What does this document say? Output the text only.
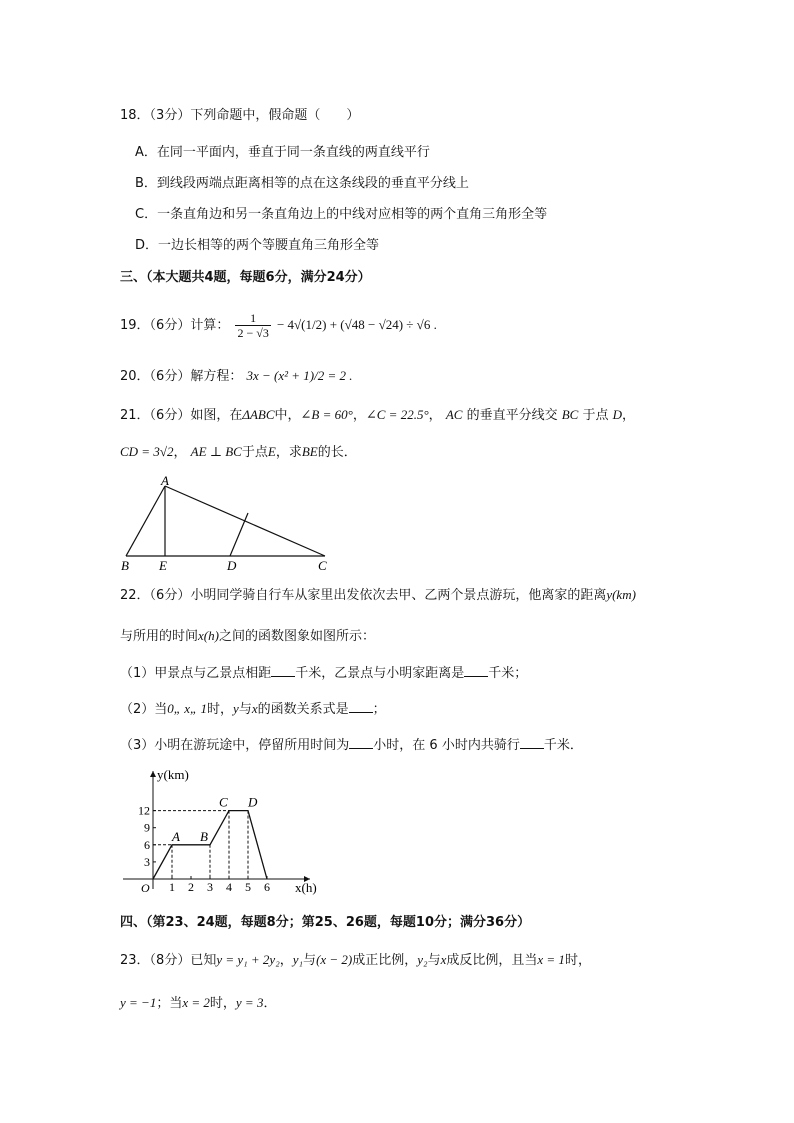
18．（3分）下列命题中，假命题（　　）
A．在同一平面内，垂直于同一条直线的两直线平行
B．到线段两端点距离相等的点在这条线段的垂直平分线上
C．一条直角边和另一条直角边上的中线对应相等的两个直角三角形全等
D．一边长相等的两个等腰直角三角形全等
三、（本大题共4题，每题6分，满分24分）
19．（6分）计算： $\frac{1}{2 - √3} - 4√(1/2) + (√48 - √24) \div √6$ .
20．（6分）解方程： 3x − (x² + 1)/2 = 2 .
21．（6分）如图，在ΔABC中，∠B = 60°，∠C = 22.5°， AC 的垂直平分线交 BC 于点 D，
CD = 3√2， AE ⊥ BC于点E，求BE的长．
A
B E	D	C
22．（6分）小明同学骑自行车从家里出发依次去甲、乙两个景点游玩，他离家的距离y(km)
与所用的时间x(h)之间的函数图象如图所示：
（1）甲景点与乙景点相距 千米，乙景点与小明家距离是 千米；
（2）当0„ x„ 1时，y与x的函数关系式是 ；
（3）小明在游玩途中，停留所用时间为 小时，在 6 小时内共骑行 千米．
y(km)
x(h)
O 1 2 3 4 5 6
3
6
9
12
A B
C D
四、（第23、24题，每题8分；第25、26题，每题10分；满分36分）
23．（8分）已知y = y₁ + 2y₂，y₁与(x − 2)成正比例，y₂与x成反比例，且当x = 1时，
y = −1；当x = 2时，y = 3．
